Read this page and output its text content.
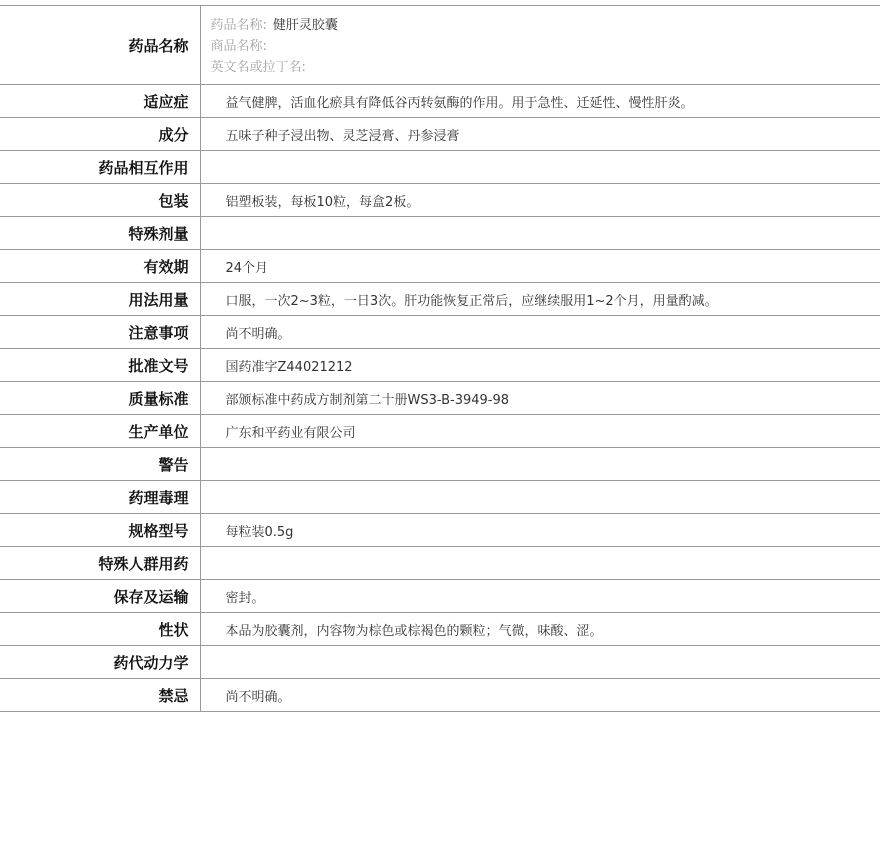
药品名称	药品名称: 健肝灵胶囊
商品名称:
英文名或拉丁名:

适应症	益气健脾，活血化瘀具有降低谷丙转氨酶的作用。用于急性、迁延性、慢性肝炎。
成分	五味子种子浸出物、灵芝浸膏、丹参浸膏
药品相互作用	
包装	铝塑板装，每板10粒，每盒2板。
特殊剂量	
有效期	24个月
用法用量	口服，一次2~3粒，一日3次。肝功能恢复正常后，应继续服用1~2个月，用量酌减。
注意事项	尚不明确。
批准文号	国药准字Z44021212
质量标准	部颁标准中药成方制剂第二十册WS3-B-3949-98
生产单位	广东和平药业有限公司
警告	
药理毒理	
规格型号	每粒装0.5g
特殊人群用药	
保存及运输	密封。
性状	本品为胶囊剂，内容物为棕色或棕褐色的颗粒；气微，味酸、涩。
药代动力学	
禁忌	尚不明确。
